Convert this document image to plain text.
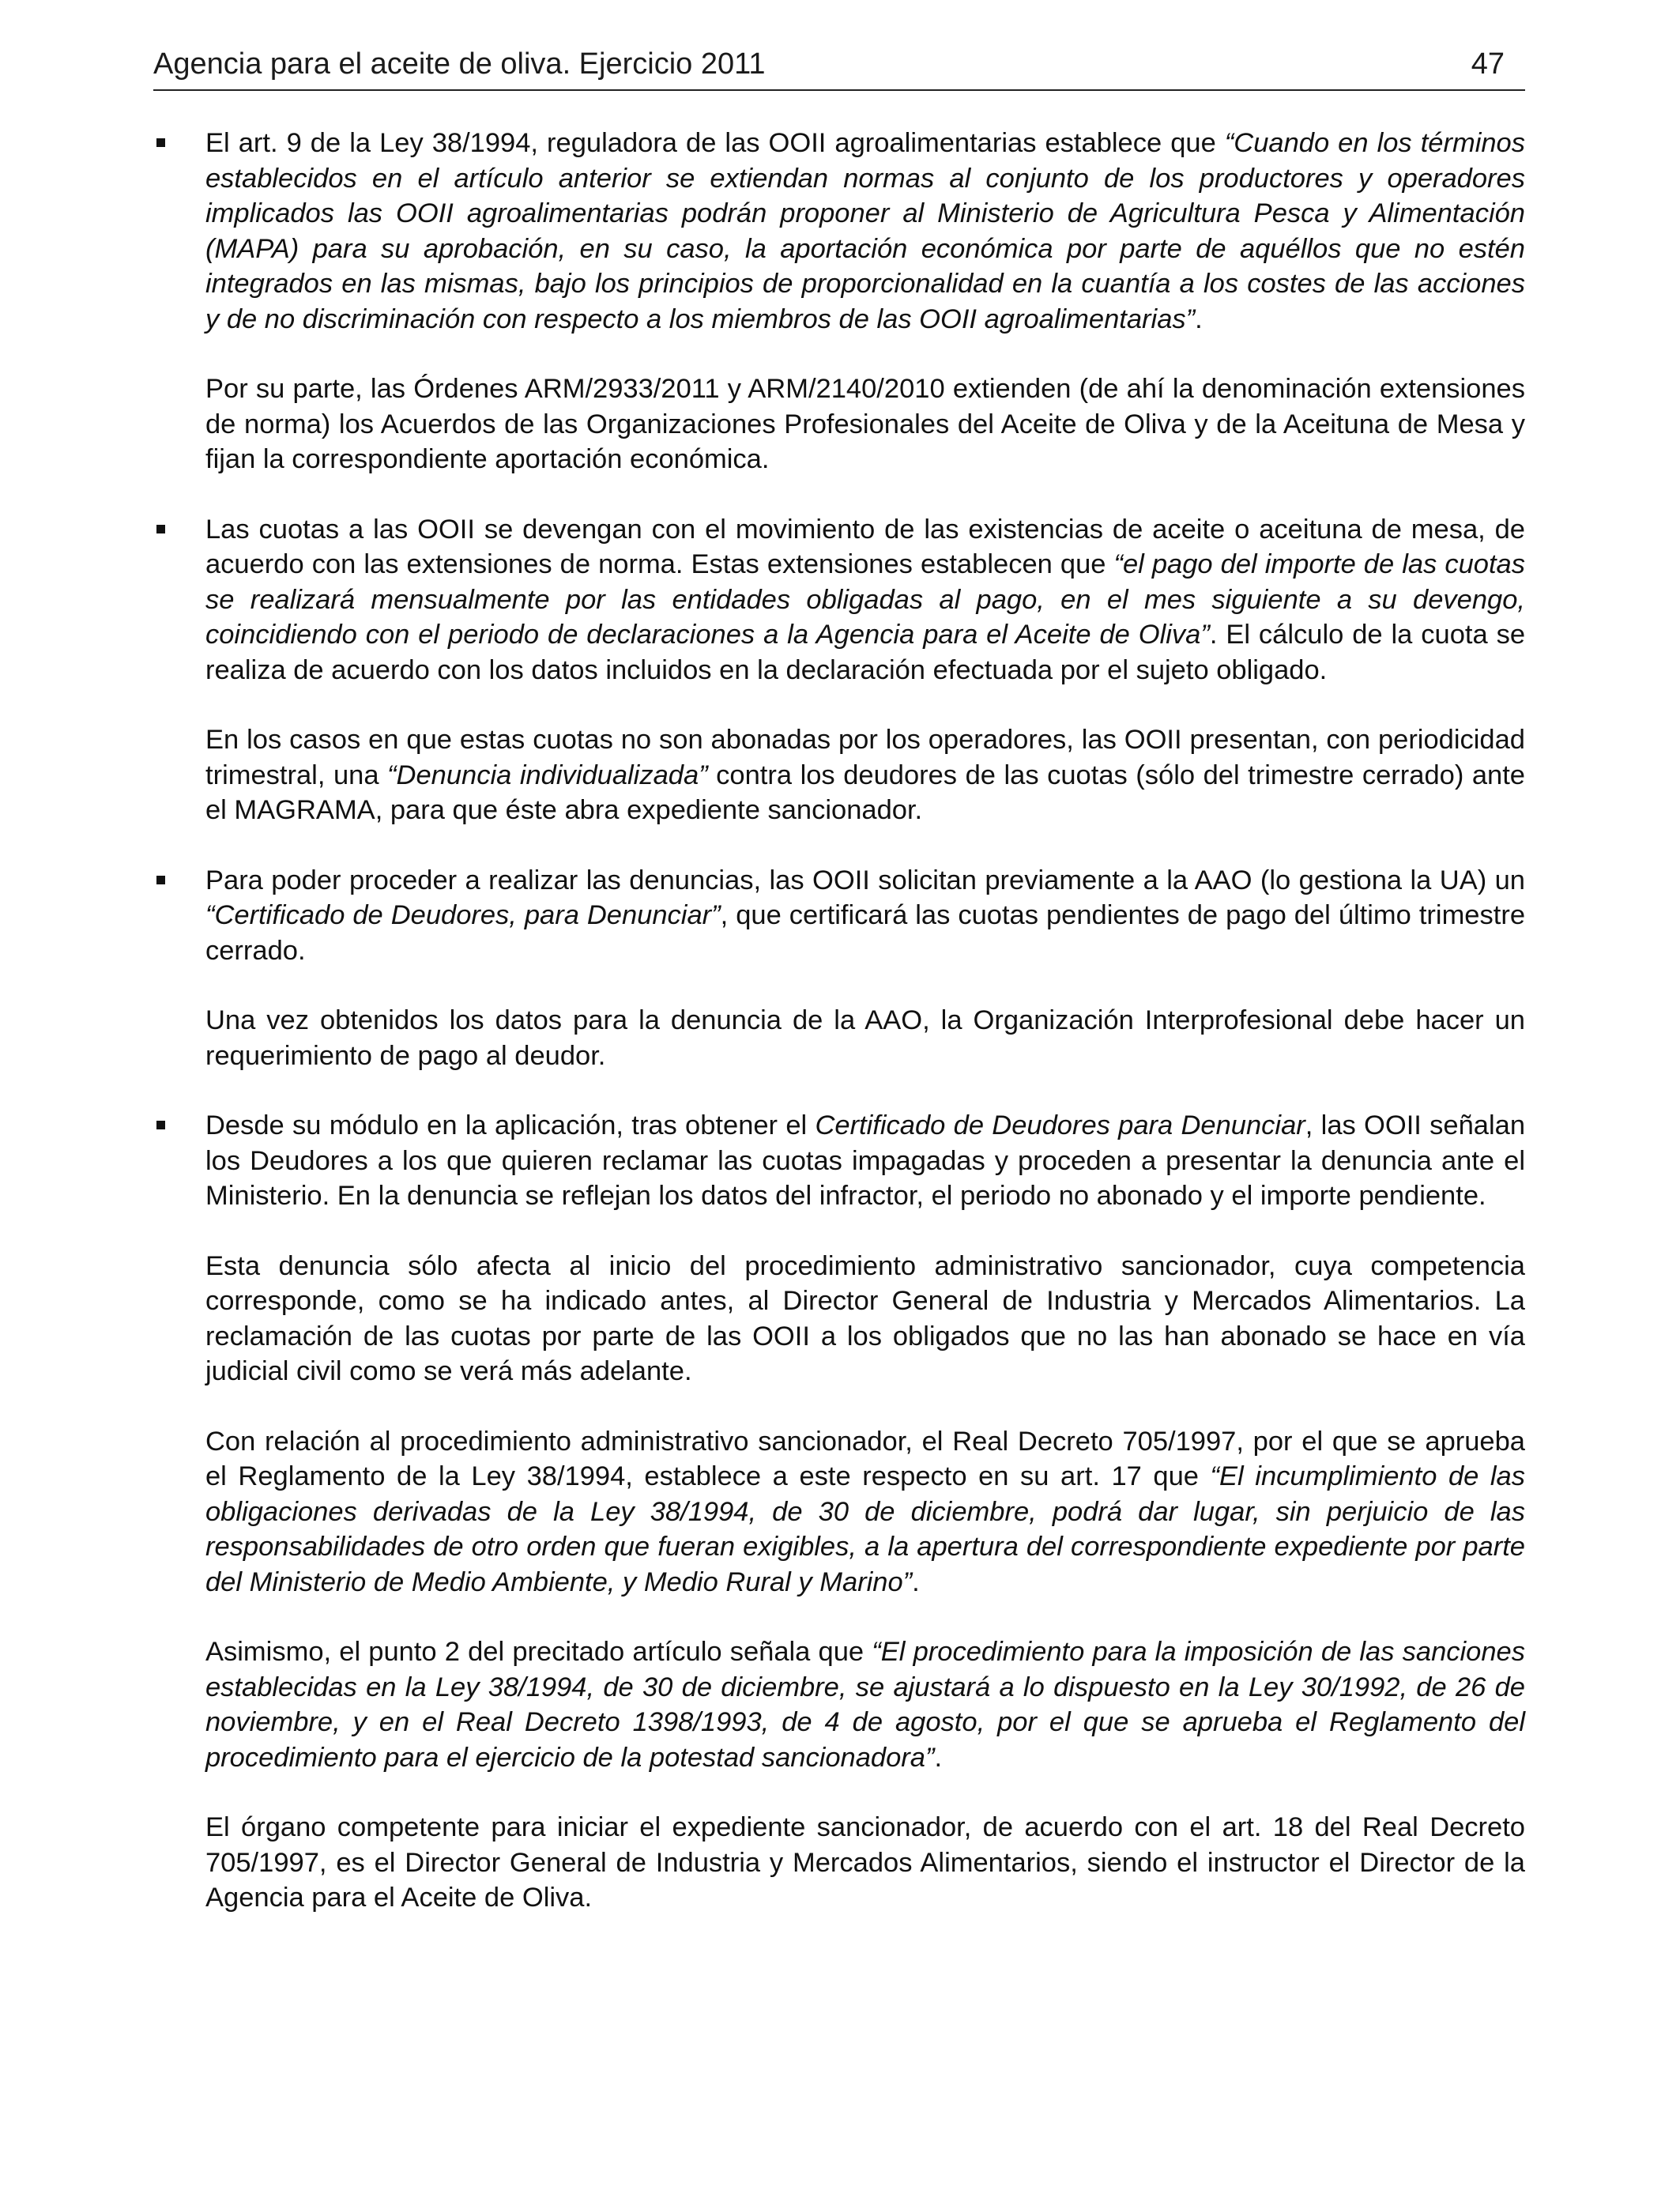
Agencia para el aceite de oliva. Ejercicio 2011	47

El art. 9 de la Ley 38/1994, reguladora de las OOII agroalimentarias establece que “Cuando en los términos establecidos en el artículo anterior se extiendan normas al conjunto de los productores y operadores implicados las OOII agroalimentarias podrán proponer al Ministerio de Agricultura Pesca y Alimentación (MAPA) para su aprobación, en su caso, la aportación económica por parte de aquéllos que no estén integrados en las mismas, bajo los principios de proporcionalidad en la cuantía a los costes de las acciones y de no discriminación con respecto a los miembros de las OOII agroalimentarias”.

Por su parte, las Órdenes ARM/2933/2011 y ARM/2140/2010 extienden (de ahí la denominación extensiones de norma) los Acuerdos de las Organizaciones Profesionales del Aceite de Oliva y de la Aceituna de Mesa y fijan la correspondiente aportación económica.

Las cuotas a las OOII se devengan con el movimiento de las existencias de aceite o aceituna de mesa, de acuerdo con las extensiones de norma. Estas extensiones establecen que “el pago del importe de las cuotas se realizará mensualmente por las entidades obligadas al pago, en el mes siguiente a su devengo, coincidiendo con el periodo de declaraciones a la Agencia para el Aceite de Oliva”. El cálculo de la cuota se realiza de acuerdo con los datos incluidos en la declaración efectuada por el sujeto obligado.

En los casos en que estas cuotas no son abonadas por los operadores, las OOII presentan, con periodicidad trimestral, una “Denuncia individualizada” contra los deudores de las cuotas (sólo del trimestre cerrado) ante el MAGRAMA, para que éste abra expediente sancionador.

Para poder proceder a realizar las denuncias, las OOII solicitan previamente a la AAO (lo gestiona la UA) un “Certificado de Deudores, para Denunciar”, que certificará las cuotas pendientes de pago del último trimestre cerrado.

Una vez obtenidos los datos para la denuncia de la AAO, la Organización Interprofesional debe hacer un requerimiento de pago al deudor.

Desde su módulo en la aplicación, tras obtener el Certificado de Deudores para Denunciar, las OOII señalan los Deudores a los que quieren reclamar las cuotas impagadas y proceden a presentar la denuncia ante el Ministerio. En la denuncia se reflejan los datos del infractor, el periodo no abonado y el importe pendiente.

Esta denuncia sólo afecta al inicio del procedimiento administrativo sancionador, cuya competencia corresponde, como se ha indicado antes, al Director General de Industria y Mercados Alimentarios. La reclamación de las cuotas por parte de las OOII a los obligados que no las han abonado se hace en vía judicial civil como se verá más adelante.

Con relación al procedimiento administrativo sancionador, el Real Decreto 705/1997, por el que se aprueba el Reglamento de la Ley 38/1994, establece a este respecto en su art. 17 que “El incumplimiento de las obligaciones derivadas de la Ley 38/1994, de 30 de diciembre, podrá dar lugar, sin perjuicio de las responsabilidades de otro orden que fueran exigibles, a la apertura del correspondiente expediente por parte del Ministerio de Medio Ambiente, y Medio Rural y Marino”.

Asimismo, el punto 2 del precitado artículo señala que “El procedimiento para la imposición de las sanciones establecidas en la Ley 38/1994, de 30 de diciembre, se ajustará a lo dispuesto en la Ley 30/1992, de 26 de noviembre, y en el Real Decreto 1398/1993, de 4 de agosto, por el que se aprueba el Reglamento del procedimiento para el ejercicio de la potestad sancionadora”.

El órgano competente para iniciar el expediente sancionador, de acuerdo con el art. 18 del Real Decreto 705/1997, es el Director General de Industria y Mercados Alimentarios, siendo el instructor el Director de la Agencia para el Aceite de Oliva.
